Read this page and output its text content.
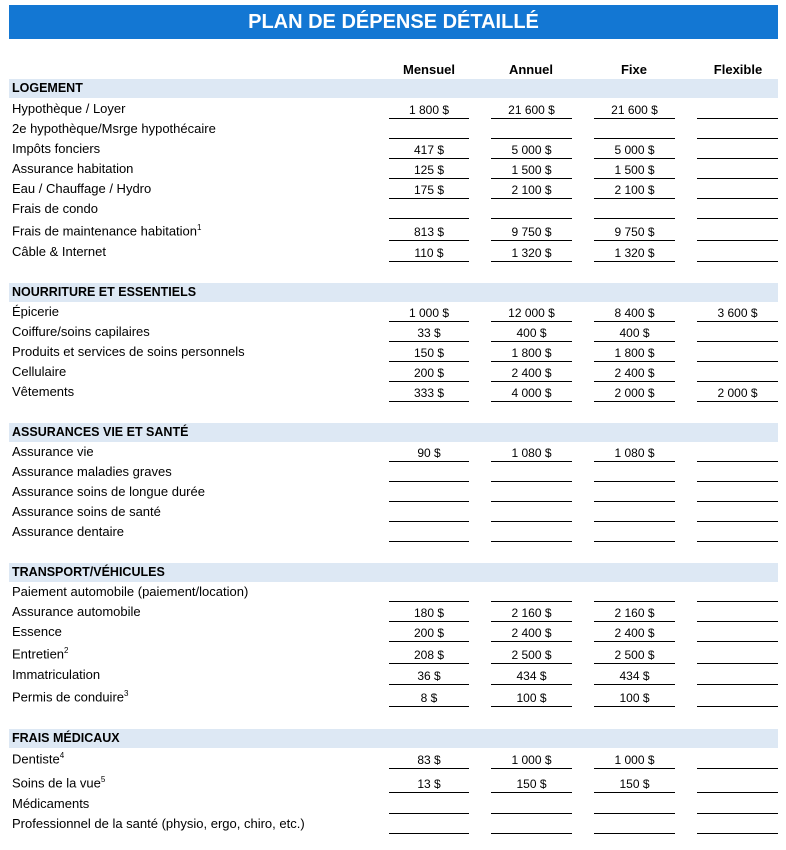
PLAN DE DÉPENSE DÉTAILLÉ
Mensuel	Annuel	Fixe	Flexible
LOGEMENT
Hypothèque / Loyer	1 800 $	21 600 $	21 600 $
2e hypothèque/Msrge hypothécaire
Impôts fonciers	417 $	5 000 $	5 000 $
Assurance habitation	125 $	1 500 $	1 500 $
Eau / Chauffage / Hydro	175 $	2 100 $	2 100 $
Frais de condo
Frais de maintenance habitation$^1$	813 $	9 750 $	9 750 $
Câble & Internet	110 $	1 320 $	1 320 $
NOURRITURE ET ESSENTIELS
Épicerie	1 000 $	12 000 $	8 400 $	3 600 $
Coiffure/soins capilaires	33 $	400 $	400 $
Produits et services de soins personnels	150 $	1 800 $	1 800 $
Cellulaire	200 $	2 400 $	2 400 $
Vêtements	333 $	4 000 $	2 000 $	2 000 $
ASSURANCES VIE ET SANTÉ
Assurance vie	90 $	1 080 $	1 080 $
Assurance maladies graves
Assurance soins de longue durée
Assurance soins de santé
Assurance dentaire
TRANSPORT/VÉHICULES
Paiement automobile (paiement/location)
Assurance automobile	180 $	2 160 $	2 160 $
Essence	200 $	2 400 $	2 400 $
Entretien$^2$	208 $	2 500 $	2 500 $
Immatriculation	36 $	434 $	434 $
Permis de conduire$^3$	8 $	100 $	100 $
FRAIS MÉDICAUX
Dentiste$^4$	83 $	1 000 $	1 000 $
Soins de la vue$^5$	13 $	150 $	150 $
Médicaments
Professionnel de la santé (physio, ergo, chiro, etc.)
